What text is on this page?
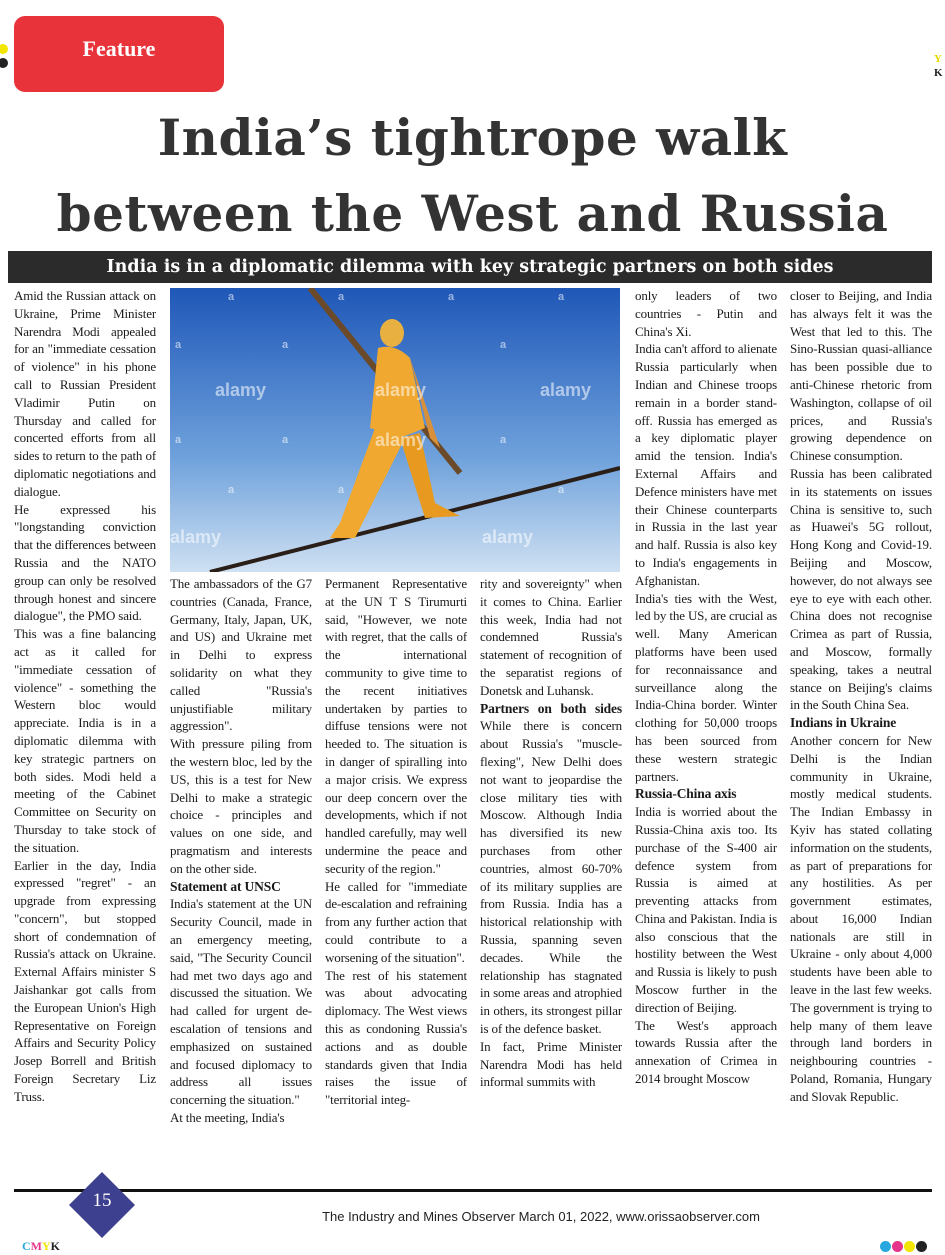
Feature
India’s tightrope walk
between the West and Russia
India is in a diplomatic dilemma with key strategic partners on both sides
alamy	alamy	alamy
alamy
alamy	alamy
a	a	a	a
a	a	a
a	a	a
a	a	a

Amid the Russian attack on Ukraine, Prime Minister Narendra Modi appealed for an "immediate cessation of violence" in his phone call to Russian President Vladimir Putin on Thursday and called for concerted efforts from all sides to return to the path of diplomatic negotiations and dialogue.

He expressed his "longstanding conviction that the differences between Russia and the NATO group can only be resolved through honest and sincere dialogue", the PMO said.

This was a fine balancing act as it called for "immediate cessation of violence" - something the Western bloc would appreciate. India is in a diplomatic dilemma with key strategic partners on both sides. Modi held a meeting of the Cabinet Committee on Security on Thursday to take stock of the situation.

Earlier in the day, India expressed "regret" - an upgrade from expressing "concern", but stopped short of condemnation of Russia's attack on Ukraine. External Affairs minister S Jaishankar got calls from the European Union's High Representative on Foreign Affairs and Security Policy Josep Borrell and British Foreign Secretary Liz Truss.

The ambassadors of the G7 countries (Canada, France, Germany, Italy, Japan, UK, and US) and Ukraine met in Delhi to express solidarity on what they called "Russia's unjustifiable military aggression".

With pressure piling from the western bloc, led by the US, this is a test for New Delhi to make a strategic choice - principles and values on one side, and pragmatism and interests on the other side.

Statement at UNSC

India's statement at the UN Security Council, made in an emergency meeting, said, "The Security Council had met two days ago and discussed the situation. We had called for urgent de-escalation of tensions and emphasized on sustained and focused diplomacy to address all issues concerning the situation."

At the meeting, India's

Permanent Representative at the UN T S Tirumurti said, "However, we note with regret, that the calls of the international community to give time to the recent initiatives undertaken by parties to diffuse tensions were not heeded to. The situation is in danger of spiralling into a major crisis. We express our deep concern over the developments, which if not handled carefully, may well undermine the peace and security of the region."

He called for "immediate de-escalation and refraining from any further action that could contribute to a worsening of the situation".

The rest of his statement was about advocating diplomacy. The West views this as condoning Russia's actions and as double standards given that India raises the issue of "territorial integ-

rity and sovereignty" when it comes to China. Earlier this week, India had not condemned Russia's statement of recognition of the separatist regions of Donetsk and Luhansk.

Partners on both sides

While there is concern about Russia's "muscle-flexing", New Delhi does not want to jeopardise the close military ties with Moscow. Although India has diversified its new purchases from other countries, almost 60-70% of its military supplies are from Russia. India has a historical relationship with Russia, spanning seven decades. While the relationship has stagnated in some areas and atrophied in others, its strongest pillar is of the defence basket.

In fact, Prime Minister Narendra Modi has held informal summits with

only leaders of two countries - Putin and China's Xi.

India can't afford to alienate Russia particularly when Indian and Chinese troops remain in a border stand-off. Russia has emerged as a key diplomatic player amid the tension. India's External Affairs and Defence ministers have met their Chinese counterparts in Russia in the last year and half. Russia is also key to India's engagements in Afghanistan.

India's ties with the West, led by the US, are crucial as well. Many American platforms have been used for reconnaissance and surveillance along the India-China border. Winter clothing for 50,000 troops has been sourced from these western strategic partners.

Russia-China axis

India is worried about the Russia-China axis too. Its purchase of the S-400 air defence system from Russia is aimed at preventing attacks from China and Pakistan. India is also conscious that the hostility between the West and Russia is likely to push Moscow further in the direction of Beijing.

The West's approach towards Russia after the annexation of Crimea in 2014 brought Moscow

closer to Beijing, and India has always felt it was the West that led to this. The Sino-Russian quasi-alliance has been possible due to anti-Chinese rhetoric from Washington, collapse of oil prices, and Russia's growing dependence on Chinese consumption.

Russia has been calibrated in its statements on issues China is sensitive to, such as Huawei's 5G rollout, Hong Kong and Covid-19. Beijing and Moscow, however, do not always see eye to eye with each other. China does not recognise Crimea as part of Russia, and Moscow, formally speaking, takes a neutral stance on Beijing's claims in the South China Sea.

Indians in Ukraine

Another concern for New Delhi is the Indian community in Ukraine, mostly medical students. The Indian Embassy in Kyiv has stated collating information on the students, as part of preparations for any hostilities. As per government estimates, about 16,000 Indian nationals are still in Ukraine - only about 4,000 students have been able to leave in the last few weeks. The government is trying to help many of them leave through land borders in neighbouring countries - Poland, Romania, Hungary and Slovak Republic.

15
The Industry and Mines Observer March 01, 2022, www.orissaobserver.com
CMYK
Y
K
